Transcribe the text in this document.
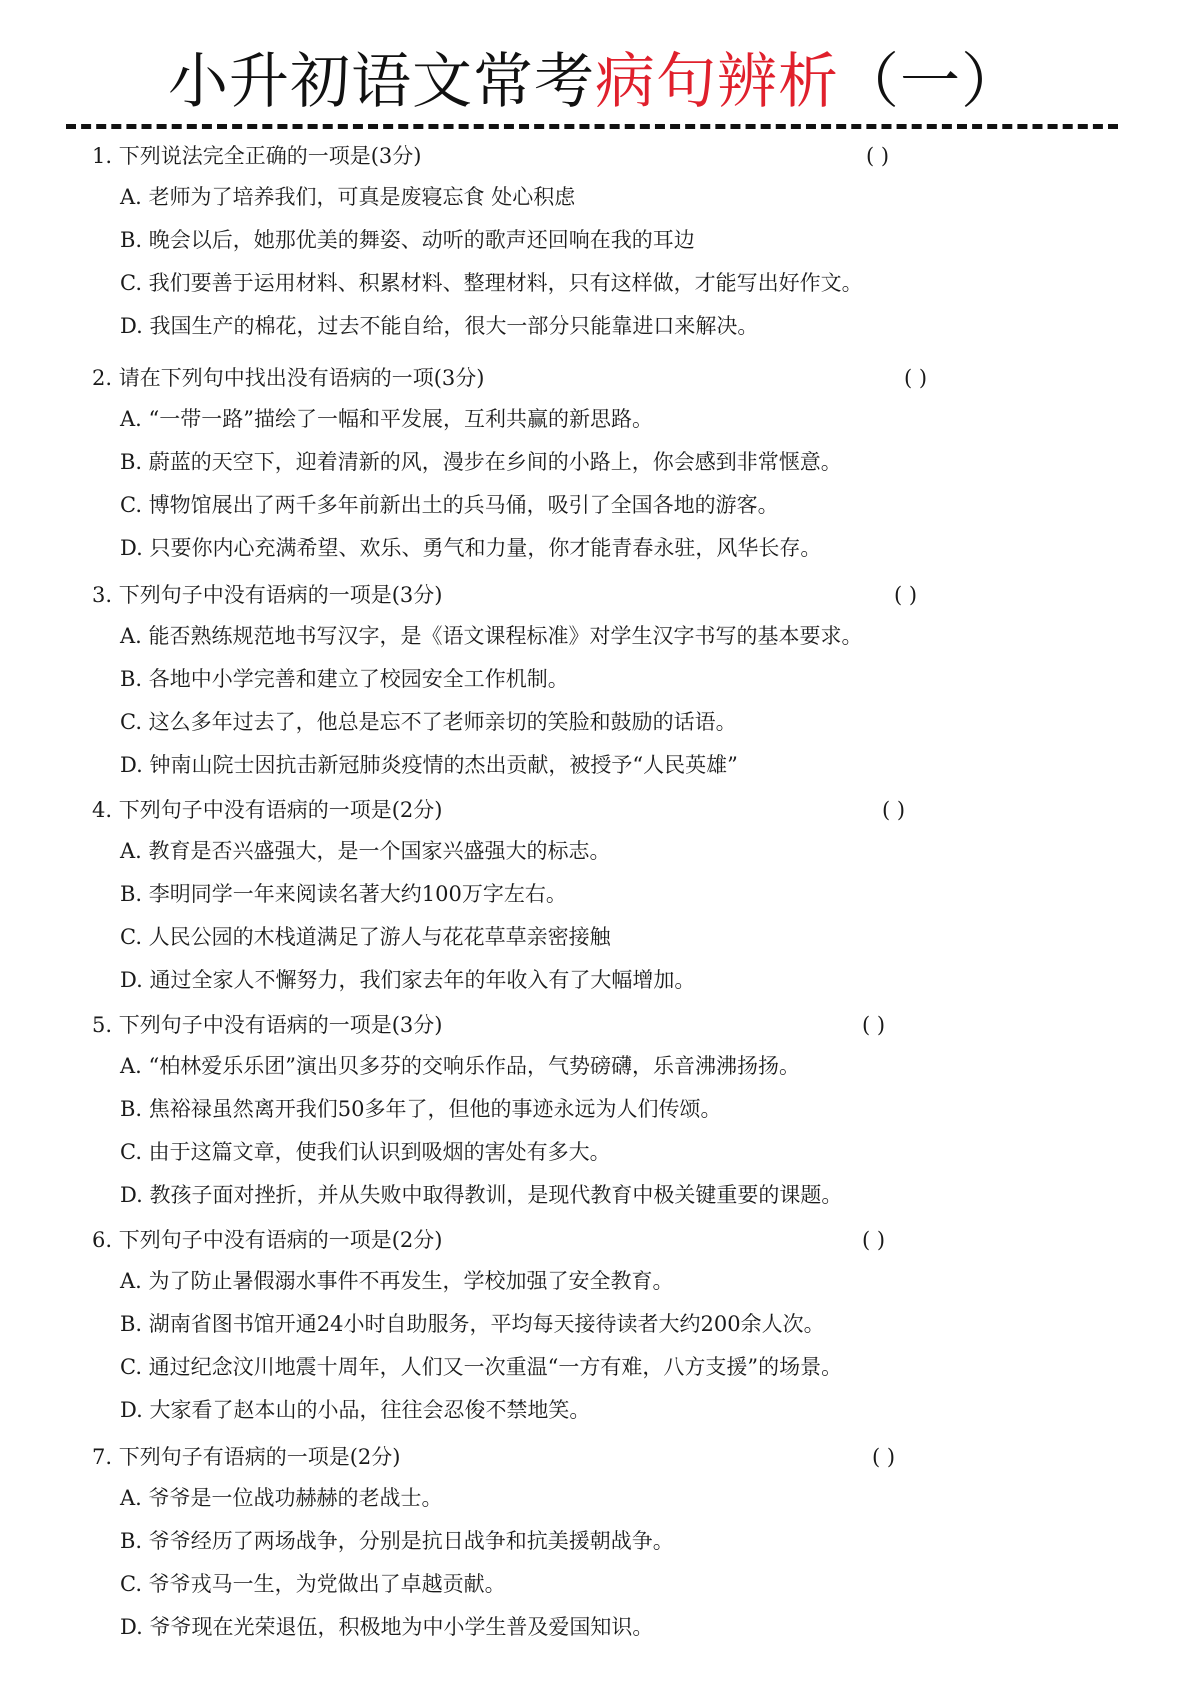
小升初语文常考病句辨析（一）
1. 下列说法完全正确的一项是(3分)	( )
A. 老师为了培养我们，可真是废寝忘食 处心积虑
B. 晚会以后，她那优美的舞姿、动听的歌声还回响在我的耳边
C. 我们要善于运用材料、积累材料、整理材料，只有这样做，才能写出好作文。
D. 我国生产的棉花，过去不能自给，很大一部分只能靠进口来解决。
2. 请在下列句中找出没有语病的一项(3分)	( )
A. “一带一路”描绘了一幅和平发展，互利共赢的新思路。
B. 蔚蓝的天空下，迎着清新的风，漫步在乡间的小路上，你会感到非常惬意。
C. 博物馆展出了两千多年前新出土的兵马俑，吸引了全国各地的游客。
D. 只要你内心充满希望、欢乐、勇气和力量，你才能青春永驻，风华长存。
3. 下列句子中没有语病的一项是(3分)	( )
A. 能否熟练规范地书写汉字，是《语文课程标准》对学生汉字书写的基本要求。
B. 各地中小学完善和建立了校园安全工作机制。
C. 这么多年过去了，他总是忘不了老师亲切的笑脸和鼓励的话语。
D. 钟南山院士因抗击新冠肺炎疫情的杰出贡献，被授予“人民英雄”
4. 下列句子中没有语病的一项是(2分)	( )
A. 教育是否兴盛强大，是一个国家兴盛强大的标志。
B. 李明同学一年来阅读名著大约100万字左右。
C. 人民公园的木栈道满足了游人与花花草草亲密接触
D. 通过全家人不懈努力，我们家去年的年收入有了大幅增加。
5. 下列句子中没有语病的一项是(3分)	( )
A. “柏林爱乐乐团”演出贝多芬的交响乐作品，气势磅礴，乐音沸沸扬扬。
B. 焦裕禄虽然离开我们50多年了，但他的事迹永远为人们传颂。
C. 由于这篇文章，使我们认识到吸烟的害处有多大。
D. 教孩子面对挫折，并从失败中取得教训，是现代教育中极关键重要的课题。
6. 下列句子中没有语病的一项是(2分)	( )
A. 为了防止暑假溺水事件不再发生，学校加强了安全教育。
B. 湖南省图书馆开通24小时自助服务，平均每天接待读者大约200余人次。
C. 通过纪念汶川地震十周年，人们又一次重温“一方有难，八方支援”的场景。
D. 大家看了赵本山的小品，往往会忍俊不禁地笑。
7. 下列句子有语病的一项是(2分)	( )
A. 爷爷是一位战功赫赫的老战士。
B. 爷爷经历了两场战争，分别是抗日战争和抗美援朝战争。
C. 爷爷戎马一生，为党做出了卓越贡献。
D. 爷爷现在光荣退伍，积极地为中小学生普及爱国知识。
